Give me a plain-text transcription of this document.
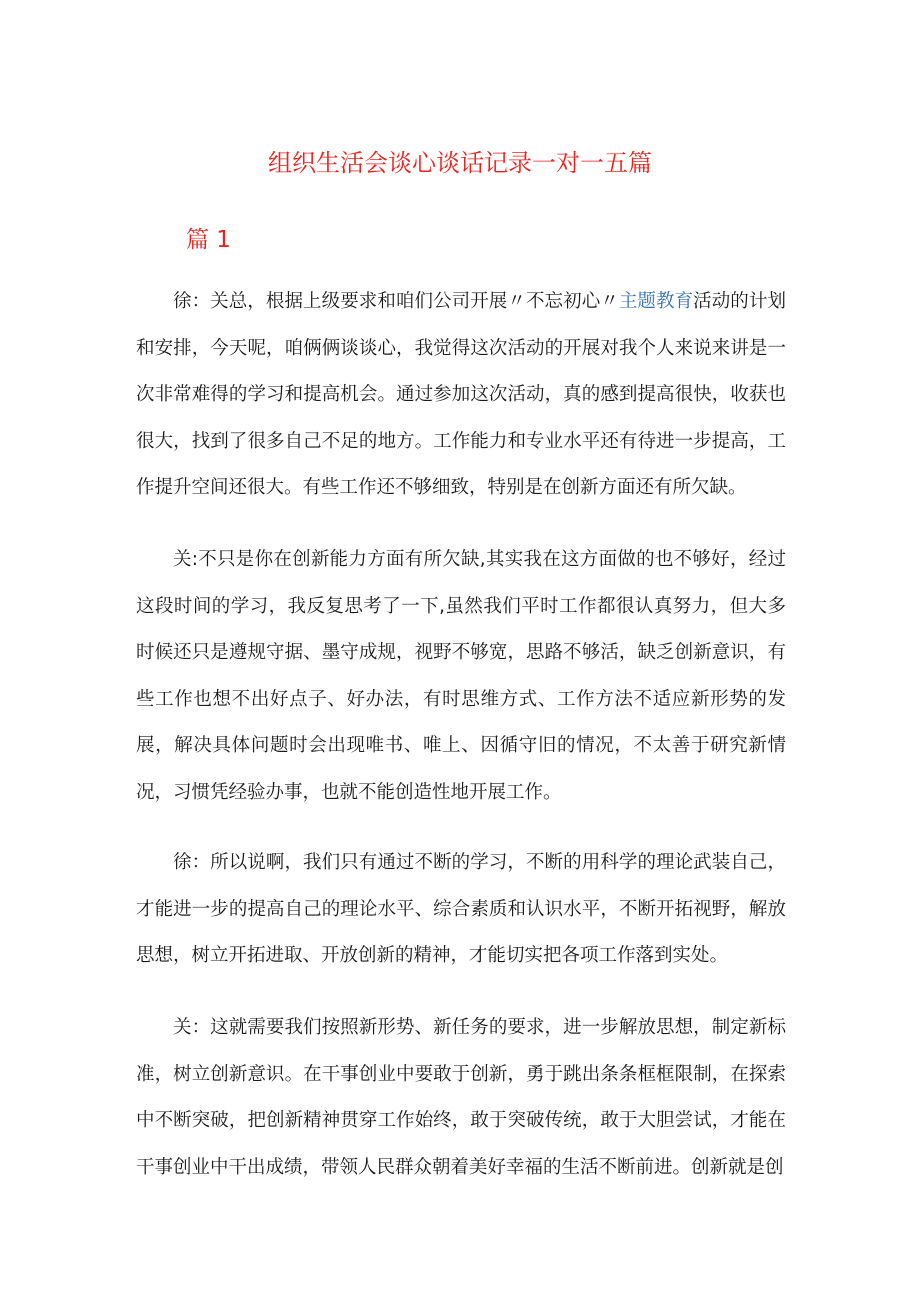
组织生活会谈心谈话记录一对一五篇
篇 1

徐：关总，根据上级要求和咱们公司开展〃不忘初心〃主题教育活动的计划和安排，今天呢，咱俩俩谈谈心，我觉得这次活动的开展对我个人来说来讲是一次非常难得的学习和提高机会。通过参加这次活动，真的感到提高很快，收获也很大，找到了很多自己不足的地方。工作能力和专业水平还有待进一步提高，工作提升空间还很大。有些工作还不够细致，特别是在创新方面还有所欠缺。

关:不只是你在创新能力方面有所欠缺,其实我在这方面做的也不够好，经过这段时间的学习，我反复思考了一下,虽然我们平时工作都很认真努力，但大多时候还只是遵规守据、墨守成规，视野不够宽，思路不够活，缺乏创新意识，有些工作也想不出好点子、好办法，有时思维方式、工作方法不适应新形势的发展，解决具体问题时会出现唯书、唯上、因循守旧的情况，不太善于研究新情况，习惯凭经验办事，也就不能创造性地开展工作。

徐：所以说啊，我们只有通过不断的学习，不断的用科学的理论武装自己，才能进一步的提高自己的理论水平、综合素质和认识水平，不断开拓视野，解放思想，树立开拓进取、开放创新的精神，才能切实把各项工作落到实处。

关：这就需要我们按照新形势、新任务的要求，进一步解放思想，制定新标准，树立创新意识。在干事创业中要敢于创新，勇于跳出条条框框限制，在探索中不断突破，把创新精神贯穿工作始终，敢于突破传统，敢于大胆尝试，才能在干事创业中干出成绩，带领人民群众朝着美好幸福的生活不断前进。创新就是创
